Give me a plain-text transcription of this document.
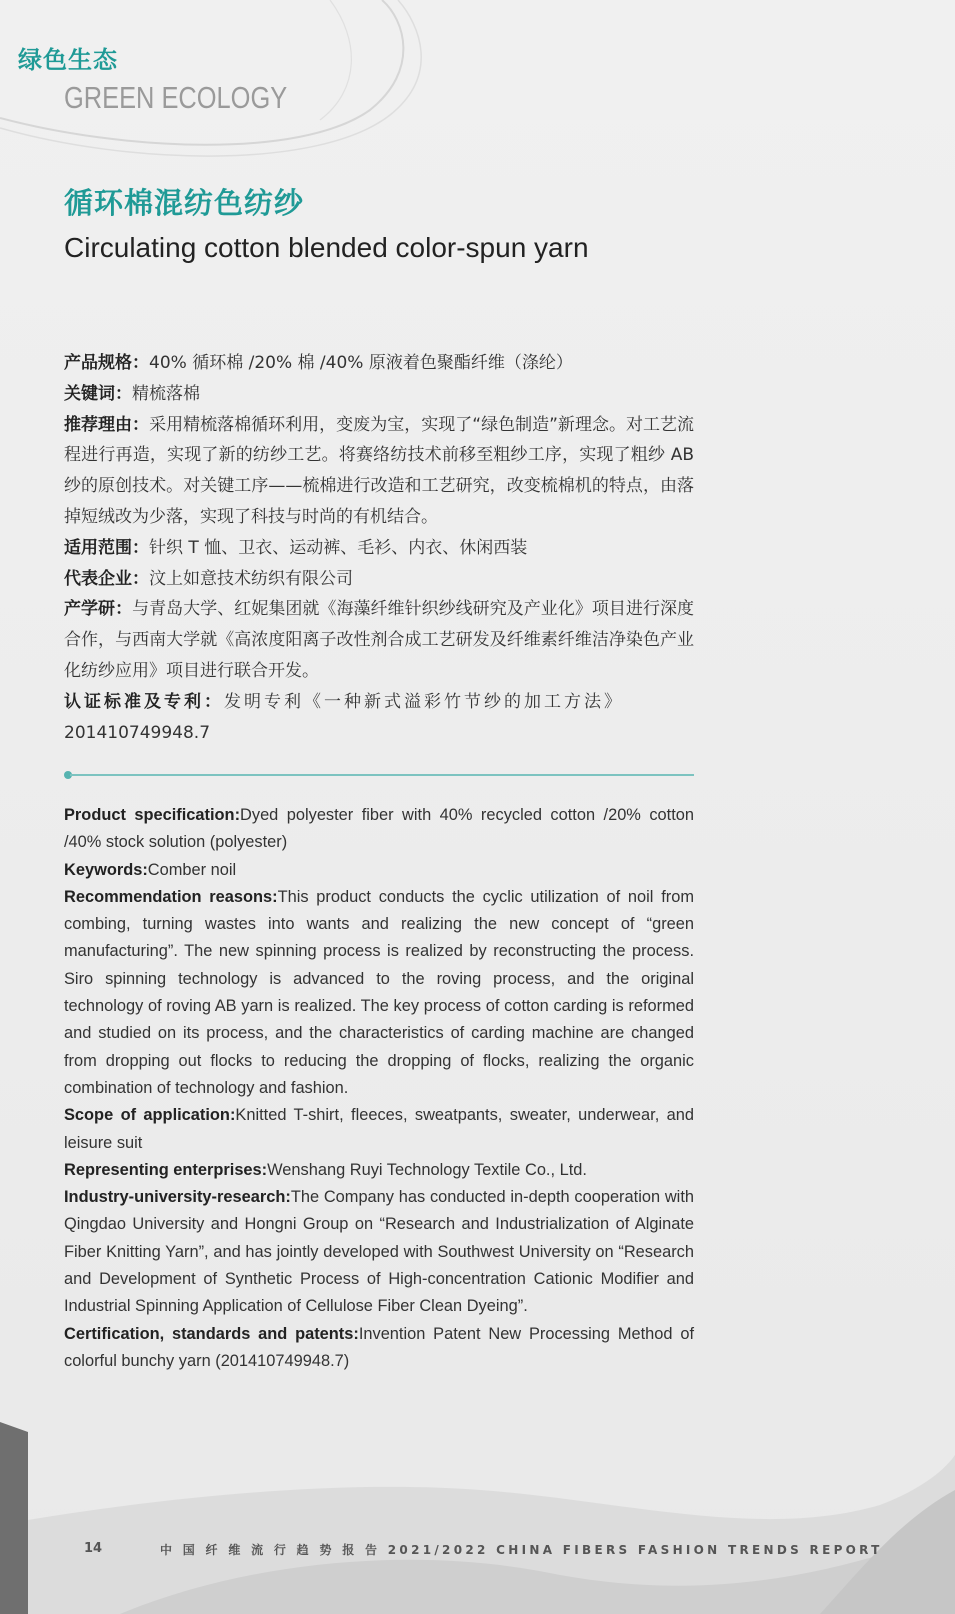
绿色生态
GREEN ECOLOGY
循环棉混纺色纺纱
Circulating cotton blended color-spun yarn

产品规格：40% 循环棉 /20% 棉 /40% 原液着色聚酯纤维（涤纶）

关键词：精梳落棉

推荐理由：采用精梳落棉循环利用，变废为宝，实现了“绿色制造”新理念。对工艺流程进行再造，实现了新的纺纱工艺。将赛络纺技术前移至粗纱工序，实现了粗纱 AB 纱的原创技术。对关键工序——梳棉进行改造和工艺研究，改变梳棉机的特点，由落掉短绒改为少落，实现了科技与时尚的有机结合。

适用范围：针织 T 恤、卫衣、运动裤、毛衫、内衣、休闲西装

代表企业：汶上如意技术纺织有限公司

产学研：与青岛大学、红妮集团就《海藻纤维针织纱线研究及产业化》项目进行深度合作，与西南大学就《高浓度阳离子改性剂合成工艺研发及纤维素纤维洁净染色产业化纺纱应用》项目进行联合开发。

认证标准及专利：发明专利《一种新式溢彩竹节纱的加工方法》

201410749948.7

Product specification:Dyed polyester fiber with 40% recycled cotton /20% cotton /40% stock solution (polyester)

Keywords:Comber noil

Recommendation reasons:This product conducts the cyclic utilization of noil from combing, turning wastes into wants and realizing the new concept of “green manufacturing”. The new spinning process is realized by reconstructing the process. Siro spinning technology is advanced to the roving process, and the original technology of roving AB yarn is realized. The key process of cotton carding is reformed and studied on its process, and the characteristics of carding machine are changed from dropping out flocks to reducing the dropping of flocks, realizing the organic combination of technology and fashion.

Scope of application:Knitted T-shirt, fleeces, sweatpants, sweater, underwear, and leisure suit

Representing enterprises:Wenshang Ruyi Technology Textile Co., Ltd.

Industry-university-research:The Company has conducted in-depth cooperation with Qingdao University and Hongni Group on “Research and Industrialization of Alginate Fiber Knitting Yarn”, and has jointly developed with Southwest University on “Research and Development of Synthetic Process of High-concentration Cationic Modifier and Industrial Spinning Application of Cellulose Fiber Clean Dyeing”.

Certification, standards and patents:Invention Patent New Processing Method of colorful bunchy yarn (201410749948.7)

14	中 国 纤 维 流 行 趋 势 报 告 2021/2022 CHINA FIBERS FASHION TRENDS REPORT
